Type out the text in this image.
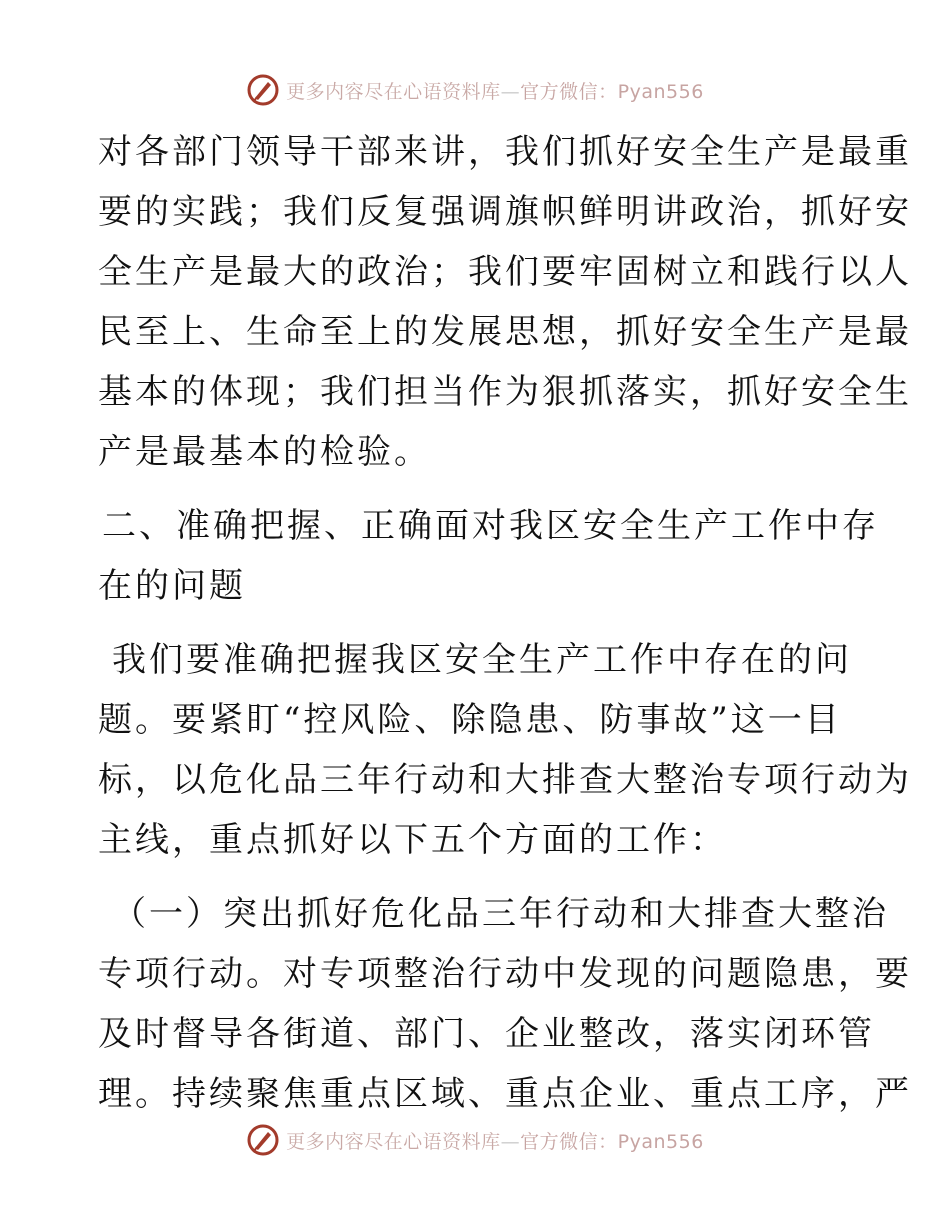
更多内容尽在心语资料库—官方微信：Pyan556
对各部门领导干部来讲，我们抓好安全生产是最重
要的实践；我们反复强调旗帜鲜明讲政治，抓好安
全生产是最大的政治；我们要牢固树立和践行以人
民至上、生命至上的发展思想，抓好安全生产是最
基本的体现；我们担当作为狠抓落实，抓好安全生
产是最基本的检验。
二、准确把握、正确面对我区安全生产工作中存
在的问题
我们要准确把握我区安全生产工作中存在的问
题。要紧盯“控风险、除隐患、防事故”这一目
标，以危化品三年行动和大排查大整治专项行动为
主线，重点抓好以下五个方面的工作：
（一）突出抓好危化品三年行动和大排查大整治
专项行动。对专项整治行动中发现的问题隐患，要
及时督导各街道、部门、企业整改，落实闭环管
理。持续聚焦重点区域、重点企业、重点工序，严
更多内容尽在心语资料库—官方微信：Pyan556
